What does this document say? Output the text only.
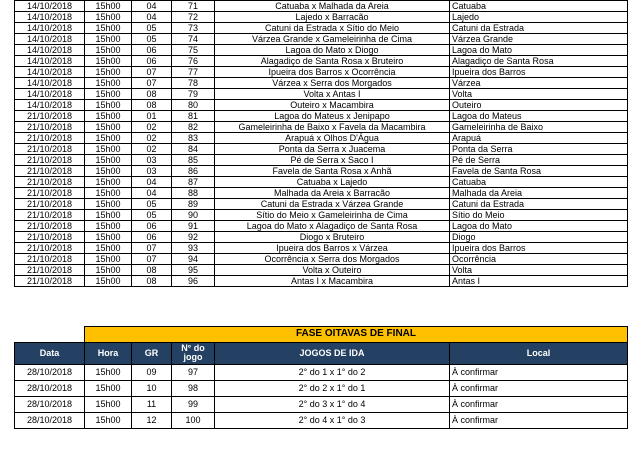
14/10/2018	15h00	04	71	Catuaba x Malhada da Areia	Catuaba
14/10/2018	15h00	04	72	Lajedo x Barracão	Lajedo
14/10/2018	15h00	05	73	Catuni da Estrada x Sítio do Meio	Catuni da Estrada
14/10/2018	15h00	05	74	Várzea Grande x Gameleirinha de Cima	Várzea Grande
14/10/2018	15h00	06	75	Lagoa do Mato x Diogo	Lagoa do Mato
14/10/2018	15h00	06	76	Alagadiço de Santa Rosa x Bruteiro	Alagadiço de Santa Rosa
14/10/2018	15h00	07	77	Ipueira dos Barros x Ocorrência	Ipueira dos Barros
14/10/2018	15h00	07	78	Várzea x Serra dos Morgados	Várzea
14/10/2018	15h00	08	79	Volta x Antas I	Volta
14/10/2018	15h00	08	80	Outeiro x Macambira	Outeiro
21/10/2018	15h00	01	81	Lagoa do Mateus x Jenipapo	Lagoa do Mateus
21/10/2018	15h00	02	82	Gameleirinha de Baixo x Favela da Macambira	Gameleirinha de Baixo
21/10/2018	15h00	02	83	Arapuá x Olhos D'Água	Arapuá
21/10/2018	15h00	02	84	Ponta da Serra x Juacema	Ponta da Serra
21/10/2018	15h00	03	85	Pé de Serra x Saco I	Pé de Serra
21/10/2018	15h00	03	86	Favela de Santa Rosa x Anhã	Favela de Santa Rosa
21/10/2018	15h00	04	87	Catuaba x Lajedo	Catuaba
21/10/2018	15h00	04	88	Malhada da Areia x Barracão	Malhada da Areia
21/10/2018	15h00	05	89	Catuni da Estrada x Várzea Grande	Catuni da Estrada
21/10/2018	15h00	05	90	Sítio do Meio x Gameleirinha de Cima	Sítio do Meio
21/10/2018	15h00	06	91	Lagoa do Mato x Alagadiço de Santa Rosa	Lagoa do Mato
21/10/2018	15h00	06	92	Diogo x Bruteiro	Diogo
21/10/2018	15h00	07	93	Ipueira dos Barros x Várzea	Ipueira dos Barros
21/10/2018	15h00	07	94	Ocorrência x Serra dos Morgados	Ocorrência
21/10/2018	15h00	08	95	Volta x Outeiro	Volta
21/10/2018	15h00	08	96	Antas I x Macambira	Antas I
	FASE OITAVAS DE FINAL				
Data	Hora	GR	N° do jogo	JOGOS DE IDA	Local
28/10/2018	15h00	09	97	2° do 1 x 1° do 2	À confirmar
28/10/2018	15h00	10	98	2° do 2 x 1° do 1	À confirmar
28/10/2018	15h00	11	99	2° do 3 x 1° do 4	À confirmar
28/10/2018	15h00	12	100	2° do 4 x 1° do 3	À confirmar
